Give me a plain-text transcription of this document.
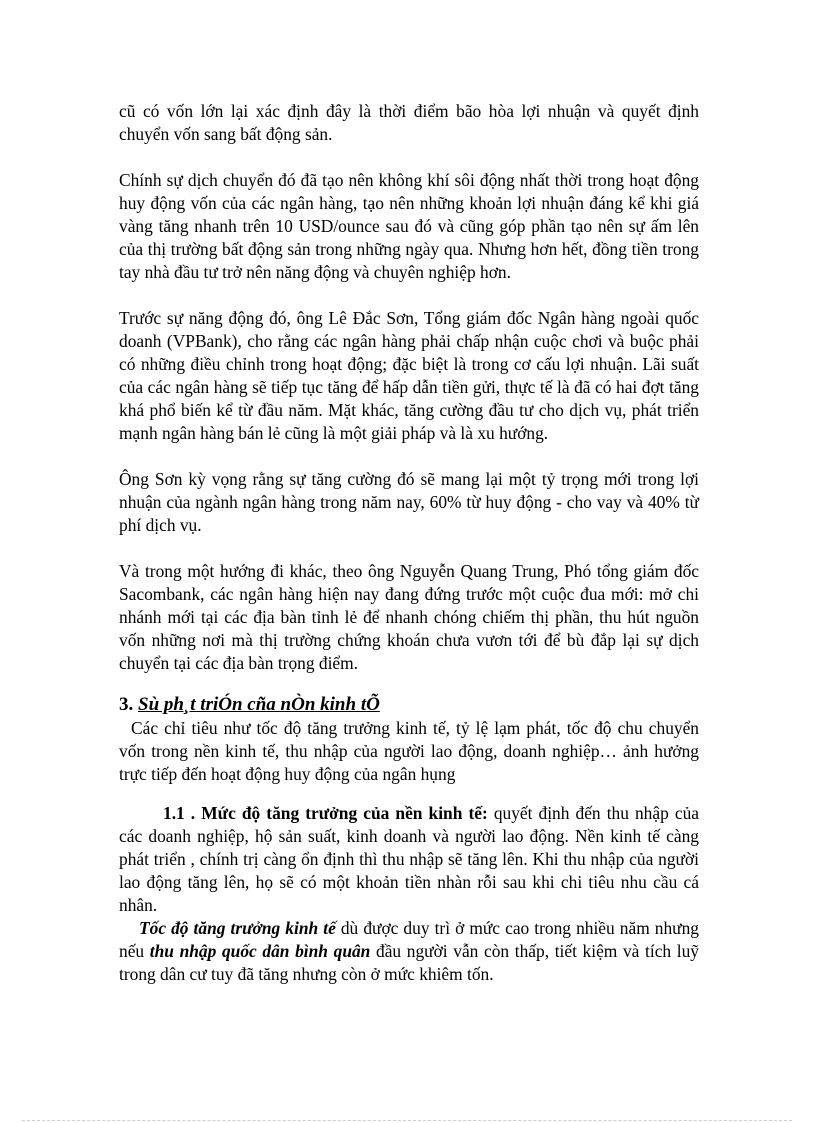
cũ có vốn lớn lại xác định đây là thời điểm bão hòa lợi nhuận và quyết định chuyển vốn sang bất động sản.

Chính sự dịch chuyển đó đã tạo nên không khí sôi động nhất thời trong hoạt động huy động vốn của các ngân hàng, tạo nên những khoản lợi nhuận đáng kể khi giá vàng tăng nhanh trên 10 USD/ounce sau đó và cũng góp phần tạo nên sự ấm lên của thị trường bất động sản trong những ngày qua. Nhưng hơn hết, đồng tiền trong tay nhà đầu tư trở nên năng động và chuyên nghiệp hơn.

Trước sự năng động đó, ông Lê Đắc Sơn, Tổng giám đốc Ngân hàng ngoài quốc doanh (VPBank), cho rằng các ngân hàng phải chấp nhận cuộc chơi và buộc phải có những điều chỉnh trong hoạt động; đặc biệt là trong cơ cấu lợi nhuận. Lãi suất của các ngân hàng sẽ tiếp tục tăng để hấp dẫn tiền gửi, thực tế là đã có hai đợt tăng khá phổ biến kể từ đầu năm. Mặt khác, tăng cường đầu tư cho dịch vụ, phát triển mạnh ngân hàng bán lẻ cũng là một giải pháp và là xu hướng.

Ông Sơn kỳ vọng rằng sự tăng cường đó sẽ mang lại một tỷ trọng mới trong lợi nhuận của ngành ngân hàng trong năm nay, 60% từ huy động - cho vay và 40% từ phí dịch vụ.

Và trong một hướng đi khác, theo ông Nguyễn Quang Trung, Phó tổng giám đốc Sacombank, các ngân hàng hiện nay đang đứng trước một cuộc đua mới: mở chi nhánh mới tại các địa bàn tỉnh lẻ để nhanh chóng chiếm thị phần, thu hút nguồn vốn những nơi mà thị trường chứng khoán chưa vươn tới để bù đắp lại sự dịch chuyển tại các địa bàn trọng điểm.

3. Sù ph¸t triÓn cña nÒn kinh tÕ

Các chỉ tiêu như tốc độ tăng trưởng kinh tế, tỷ lệ lạm phát, tốc độ chu chuyển vốn trong nền kinh tế, thu nhập của người lao động, doanh nghiệp… ảnh hưởng trực tiếp đến hoạt động huy động của ngân hụng

1.1 . Mức độ tăng trưởng của nền kinh tế: quyết định đến thu nhập của các doanh nghiệp, hộ sản suất, kinh doanh và người lao động. Nền kinh tế càng phát triển , chính trị càng ổn định thì thu nhập sẽ tăng lên. Khi thu nhập của người lao động tăng lên, họ sẽ có một khoản tiền nhàn rỗi sau khi chi tiêu nhu cầu cá nhân.

Tốc độ tăng trưởng kinh tế dù được duy trì ở mức cao trong nhiều năm nhưng nếu thu nhập quốc dân bình quân đầu người vẫn còn thấp, tiết kiệm và tích luỹ trong dân cư tuy đã tăng nhưng còn ở mức khiêm tốn.
